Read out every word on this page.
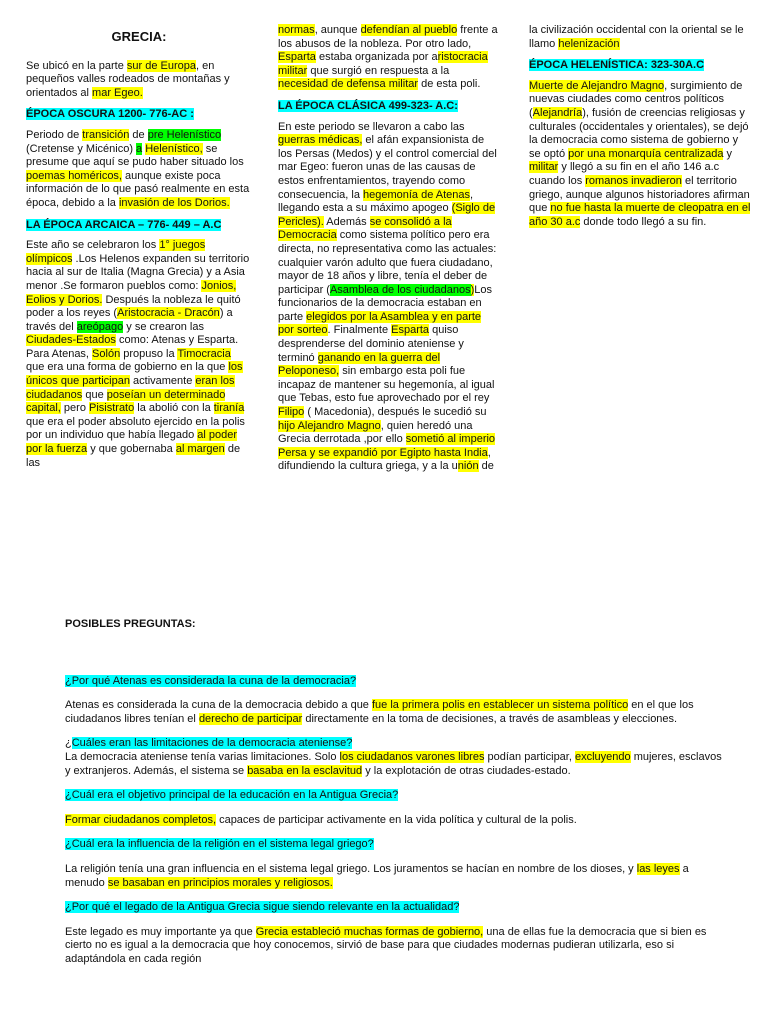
GRECIA:

Se ubicó en la parte sur de Europa, en pequeños valles rodeados de montañas y orientados al mar Egeo.

ÉPOCA OSCURA 1200- 776-AC :

Periodo de transición de pre Helenístico (Cretense y Micénico) a Helenístico, se presume que aquí se pudo haber situado los poemas homéricos, aunque existe poca información de lo que pasó realmente en esta época, debido a la invasión de los Dorios.

LA ÉPOCA ARCAICA – 776- 449 – A.C

Este año se celebraron los 1° juegos olímpicos .Los Helenos expanden su territorio hacia al sur de Italia (Magna Grecia) y a Asia menor .Se formaron pueblos como: Jonios, Eolios y Dorios. Después la nobleza le quitó poder a los reyes (Aristocracia - Dracón) a través del areópago y se crearon las Ciudades-Estados como: Atenas y Esparta. Para Atenas, Solón propuso la Timocracia que era una forma de gobierno en la que los únicos que participan activamente eran los ciudadanos que poseían un determinado capital, pero Pisistrato la abolió con la tiranía que era el poder absoluto ejercido en la polis por un individuo que había llegado al poder por la fuerza y que gobernaba al margen de las

normas, aunque defendían al pueblo frente a los abusos de la nobleza. Por otro lado, Esparta estaba organizada por aristocracia militar que surgió en respuesta a la necesidad de defensa militar de esta poli.

LA ÉPOCA CLÁSICA 499-323- A.C:

En este periodo se llevaron a cabo las guerras médicas, el afán expansionista de los Persas (Medos) y el control comercial del mar Egeo: fueron unas de las causas de estos enfrentamientos, trayendo como consecuencia, la hegemonía de Atenas, llegando esta a su máximo apogeo (Siglo de Pericles). Además se consolidó a la Democracia como sistema político pero era directa, no representativa como las actuales: cualquier varón adulto que fuera ciudadano, mayor de 18 años y libre, tenía el deber de participar (Asamblea de los ciudadanos)Los funcionarios de la democracia estaban en parte elegidos por la Asamblea y en parte por sorteo. Finalmente Esparta quiso desprenderse del dominio ateniense y terminó ganando en la guerra del Peloponeso, sin embargo esta poli fue incapaz de mantener su hegemonía, al igual que Tebas, esto fue aprovechado por el rey Filipo ( Macedonia), después le sucedió su hijo Alejandro Magno, quien heredó una Grecia derrotada ,por ello sometió al imperio Persa y se expandió por Egipto hasta India, difundiendo la cultura griega, y a la unión de

la civilización occidental con la oriental se le llamo helenización

ÉPOCA HELENÍSTICA: 323-30A.C

Muerte de Alejandro Magno, surgimiento de nuevas ciudades como centros políticos (Alejandría), fusión de creencias religiosas y culturales (occidentales y orientales), se dejó la democracia como sistema de gobierno y se optó por una monarquía centralizada y militar y llegó a su fin en el año 146 a.c cuando los romanos invadieron el territorio griego, aunque algunos historiadores afirman que no fue hasta la muerte de cleopatra en el año 30 a.c donde todo llegó a su fin.

POSIBLES PREGUNTAS:
¿Por qué Atenas es considerada la cuna de la democracia?

Atenas es considerada la cuna de la democracia debido a que fue la primera polis en establecer un sistema político en el que los ciudadanos libres tenían el derecho de participar directamente en la toma de decisiones, a través de asambleas y elecciones.

¿Cuáles eran las limitaciones de la democracia ateniense?

La democracia ateniense tenía varias limitaciones. Solo los ciudadanos varones libres podían participar, excluyendo mujeres, esclavos y extranjeros. Además, el sistema se basaba en la esclavitud y la explotación de otras ciudades-estado.

¿Cuál era el objetivo principal de la educación en la Antigua Grecia?

Formar ciudadanos completos, capaces de participar activamente en la vida política y cultural de la polis.

¿Cuál era la influencia de la religión en el sistema legal griego?

La religión tenía una gran influencia en el sistema legal griego. Los juramentos se hacían en nombre de los dioses, y las leyes a menudo se basaban en principios morales y religiosos.

¿Por qué el legado de la Antigua Grecia sigue siendo relevante en la actualidad?

Este legado es muy importante ya que Grecia estableció muchas formas de gobierno, una de ellas fue la democracia que si bien es cierto no es igual a la democracia que hoy conocemos, sirvió de base para que ciudades modernas pudieran utilizarla, eso si adaptándola en cada región
